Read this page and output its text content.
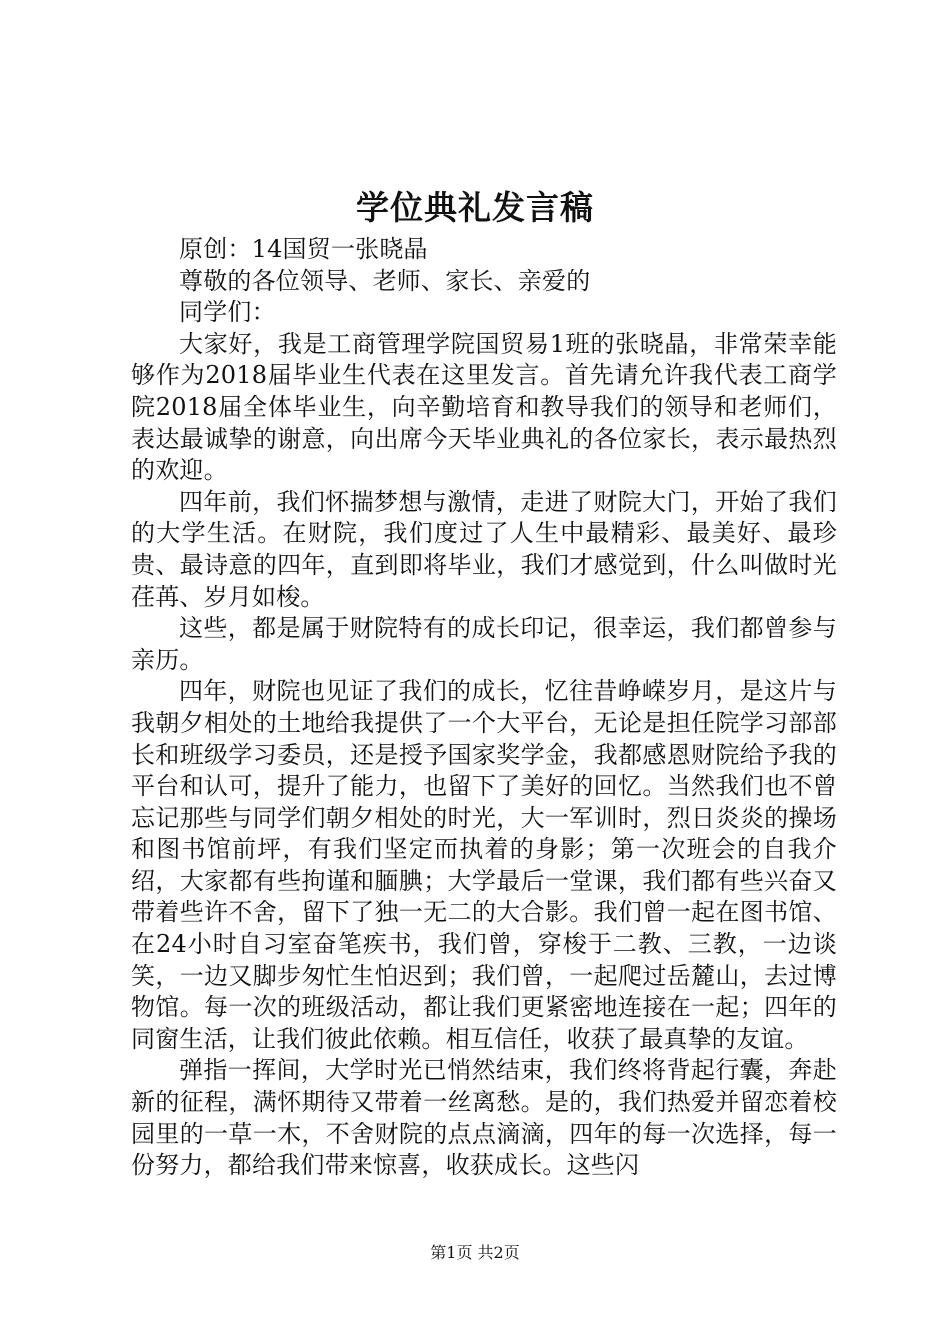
学位典礼发言稿

原创：14国贸一张晓晶

尊敬的各位领导、老师、家长、亲爱的

同学们：

大家好，我是工商管理学院国贸易1班的张晓晶，非常荣幸能够作为2018届毕业生代表在这里发言。首先请允许我代表工商学院2018届全体毕业生，向辛勤培育和教导我们的领导和老师们，表达最诚挚的谢意，向出席今天毕业典礼的各位家长，表示最热烈的欢迎。

四年前，我们怀揣梦想与激情，走进了财院大门，开始了我们的大学生活。在财院，我们度过了人生中最精彩、最美好、最珍贵、最诗意的四年，直到即将毕业，我们才感觉到，什么叫做时光荏苒、岁月如梭。

这些，都是属于财院特有的成长印记，很幸运，我们都曾参与亲历。

四年，财院也见证了我们的成长，忆往昔峥嵘岁月，是这片与我朝夕相处的土地给我提供了一个大平台，无论是担任院学习部部长和班级学习委员，还是授予国家奖学金，我都感恩财院给予我的平台和认可，提升了能力，也留下了美好的回忆。当然我们也不曾忘记那些与同学们朝夕相处的时光，大一军训时，烈日炎炎的操场和图书馆前坪，有我们坚定而执着的身影；第一次班会的自我介绍，大家都有些拘谨和腼腆；大学最后一堂课，我们都有些兴奋又带着些许不舍，留下了独一无二的大合影。我们曾一起在图书馆、在24小时自习室奋笔疾书，我们曾，穿梭于二教、三教，一边谈笑，一边又脚步匆忙生怕迟到；我们曾，一起爬过岳麓山，去过博物馆。每一次的班级活动，都让我们更紧密地连接在一起；四年的同窗生活，让我们彼此依赖。相互信任，收获了最真挚的友谊。

弹指一挥间，大学时光已悄然结束，我们终将背起行囊，奔赴新的征程，满怀期待又带着一丝离愁。是的，我们热爱并留恋着校园里的一草一木，不舍财院的点点滴滴，四年的每一次选择，每一份努力，都给我们带来惊喜，收获成长。这些闪

第1页 共2页
